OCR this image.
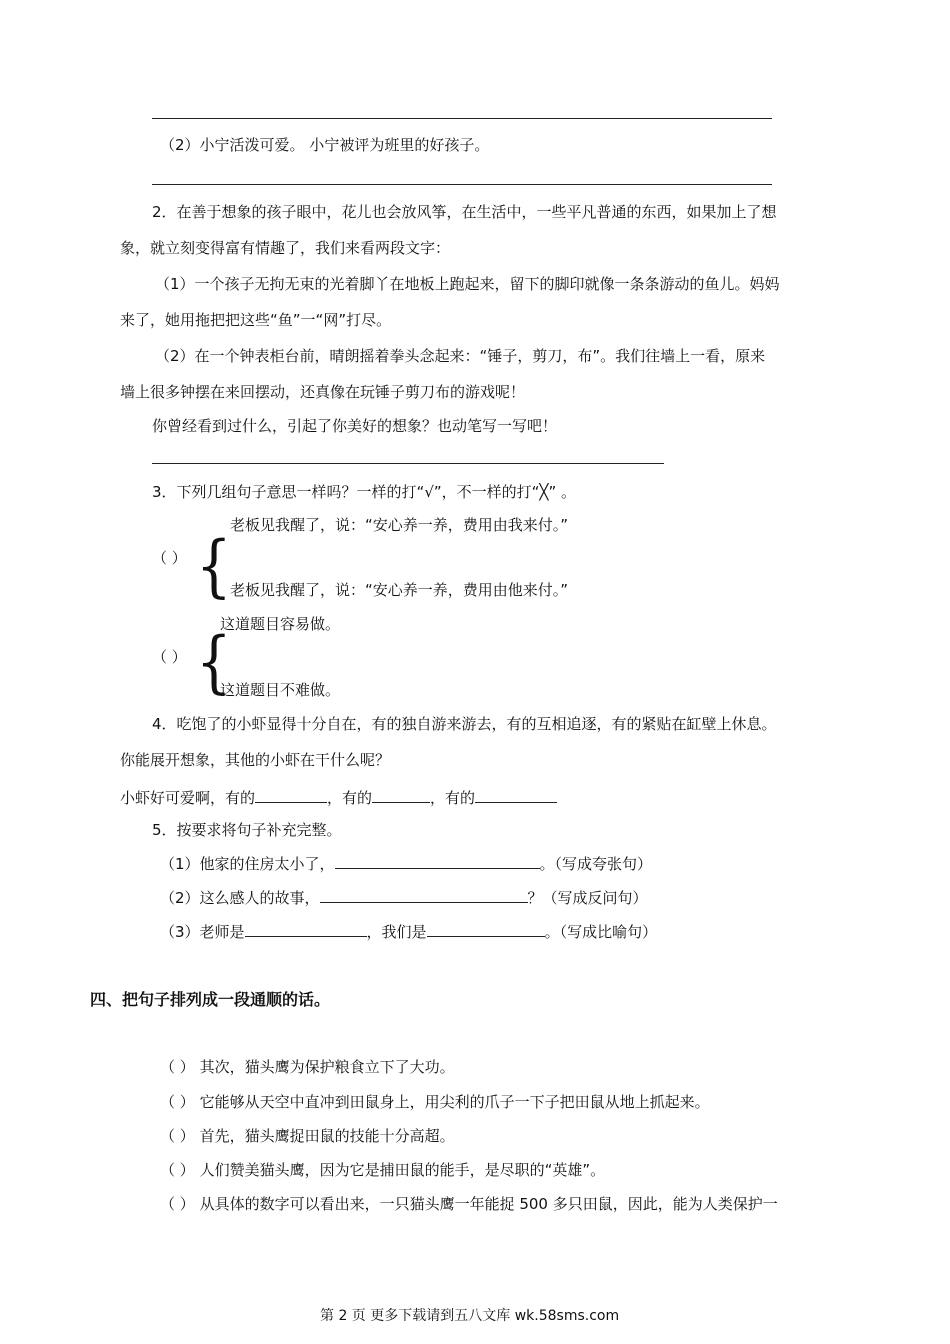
（2）小宁活泼可爱。 小宁被评为班里的好孩子。
2．在善于想象的孩子眼中，花儿也会放风筝，在生活中，一些平凡普通的东西，如果加上了想
象，就立刻变得富有情趣了，我们来看两段文字：
（1）一个孩子无拘无束的光着脚丫在地板上跑起来，留下的脚印就像一条条游动的鱼儿。妈妈
来了，她用拖把把这些“鱼”一“网”打尽。
（2）在一个钟表柜台前，晴朗摇着拳头念起来：“锤子，剪刀，布”。我们往墙上一看，原来
墙上很多钟摆在来回摆动，还真像在玩锤子剪刀布的游戏呢！
你曾经看到过什么，引起了你美好的想象？也动笔写一写吧！
3．下列几组句子意思一样吗？一样的打“√”，不一样的打“╳” 。
老板见我醒了，说：“安心养一养，费用由我来付。”
（ ） {
老板见我醒了，说：“安心养一养，费用由他来付。”
这道题目容易做。
（ ） {
这道题目不难做。
4．吃饱了的小虾显得十分自在，有的独自游来游去，有的互相追逐，有的紧贴在缸壁上休息。
你能展开想象，其他的小虾在干什么呢？
小虾好可爱啊，有的	，有的	，有的
5．按要求将句子补充完整。
（1）他家的住房太小了，	。（写成夸张句）
（2）这么感人的故事，	？（写成反问句）
（3）老师是	，我们是	。（写成比喻句）
四、把句子排列成一段通顺的话。
（ ） 其次，猫头鹰为保护粮食立下了大功。
（ ） 它能够从天空中直冲到田鼠身上，用尖利的爪子一下子把田鼠从地上抓起来。
（ ） 首先，猫头鹰捉田鼠的技能十分高超。
（ ） 人们赞美猫头鹰，因为它是捕田鼠的能手，是尽职的“英雄”。
（ ） 从具体的数字可以看出来，一只猫头鹰一年能捉 500 多只田鼠，因此，能为人类保护一
第 2 页 更多下载请到五八文库 wk.58sms.com
